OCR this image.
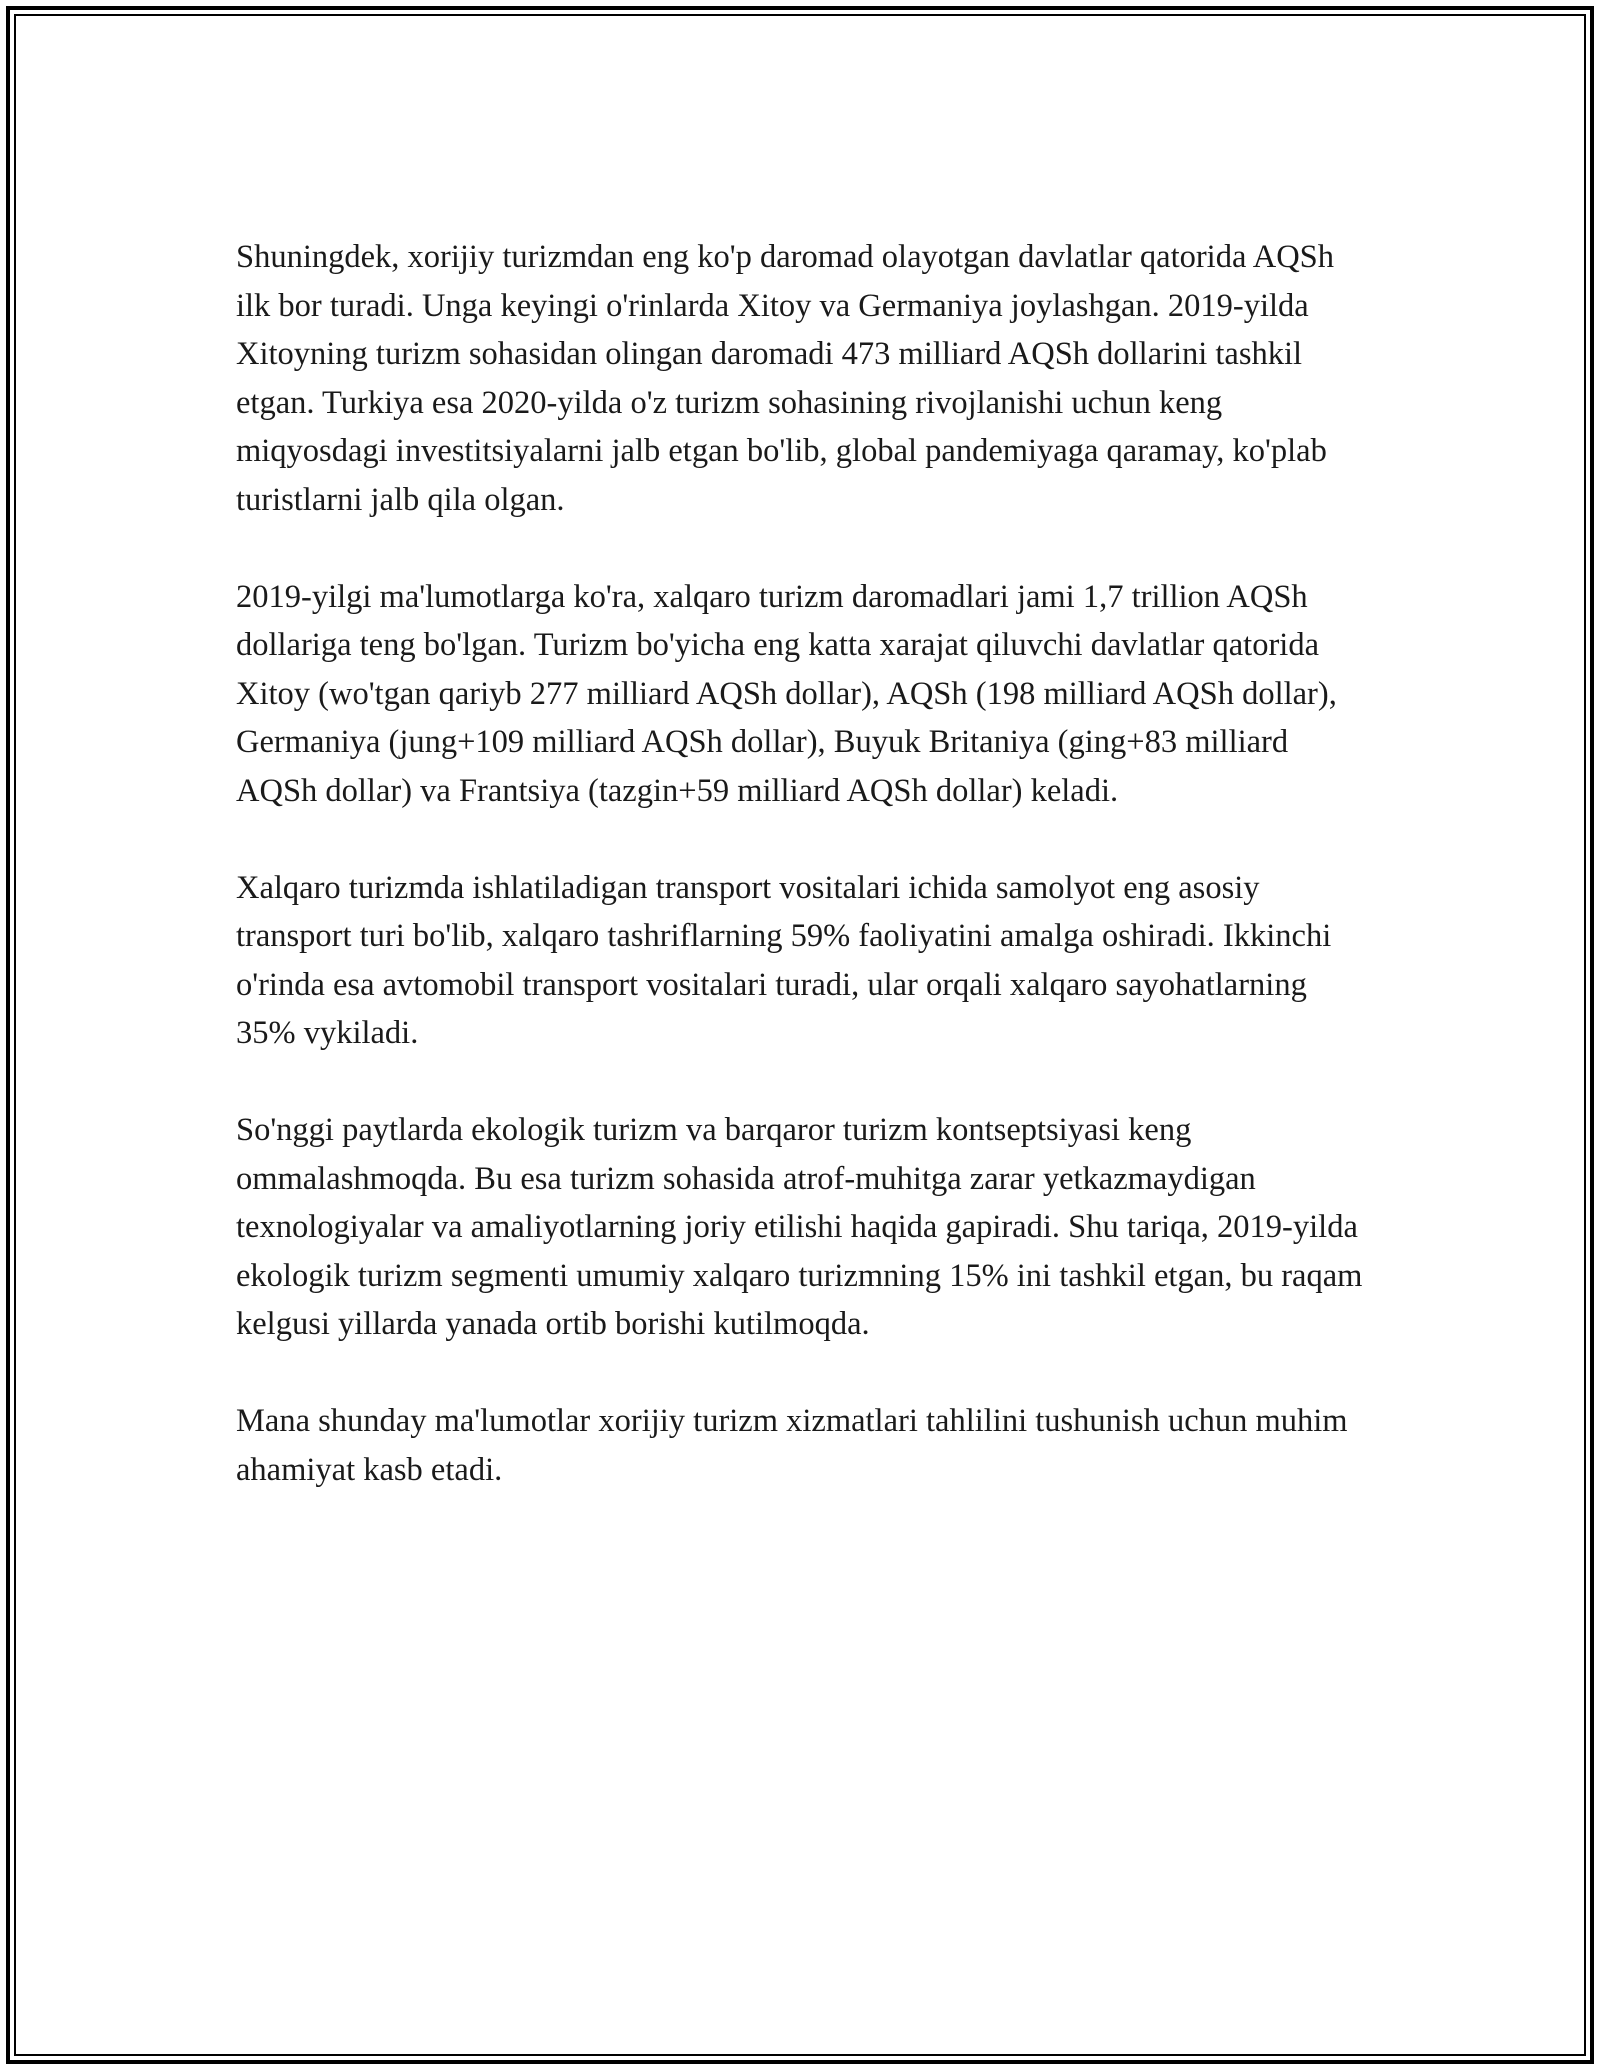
Shuningdek, xorijiy turizmdan eng ko'p daromad olayotgan davlatlar qatorida AQSh ilk bor turadi. Unga keyingi o'rinlarda Xitoy va Germaniya joylashgan. 2019-yilda Xitoyning turizm sohasidan olingan daromadi 473 milliard AQSh dollarini tashkil etgan. Turkiya esa 2020-yilda o'z turizm sohasining rivojlanishi uchun keng miqyosdagi investitsiyalarni jalb etgan bo'lib, global pandemiyaga qaramay, ko'plab turistlarni jalb qila olgan.

2019-yilgi ma'lumotlarga ko'ra, xalqaro turizm daromadlari jami 1,7 trillion AQSh dollariga teng bo'lgan. Turizm bo'yicha eng katta xarajat qiluvchi davlatlar qatorida Xitoy (wo'tgan qariyb 277 milliard AQSh dollar), AQSh (198 milliard AQSh dollar), Germaniya (jung+109 milliard AQSh dollar), Buyuk Britaniya (ging+83 milliard AQSh dollar) va Frantsiya (tazgin+59 milliard AQSh dollar) keladi.

Xalqaro turizmda ishlatiladigan transport vositalari ichida samolyot eng asosiy transport turi bo'lib, xalqaro tashriflarning 59% faoliyatini amalga oshiradi. Ikkinchi o'rinda esa avtomobil transport vositalari turadi, ular orqali xalqaro sayohatlarning 35% vykiladi.

So'nggi paytlarda ekologik turizm va barqaror turizm kontseptsiyasi keng ommalashmoqda. Bu esa turizm sohasida atrof-muhitga zarar yetkazmaydigan texnologiyalar va amaliyotlarning joriy etilishi haqida gapiradi. Shu tariqa, 2019-yilda ekologik turizm segmenti umumiy xalqaro turizmning 15% ini tashkil etgan, bu raqam kelgusi yillarda yanada ortib borishi kutilmoqda.

Mana shunday ma'lumotlar xorijiy turizm xizmatlari tahlilini tushunish uchun muhim ahamiyat kasb etadi.
